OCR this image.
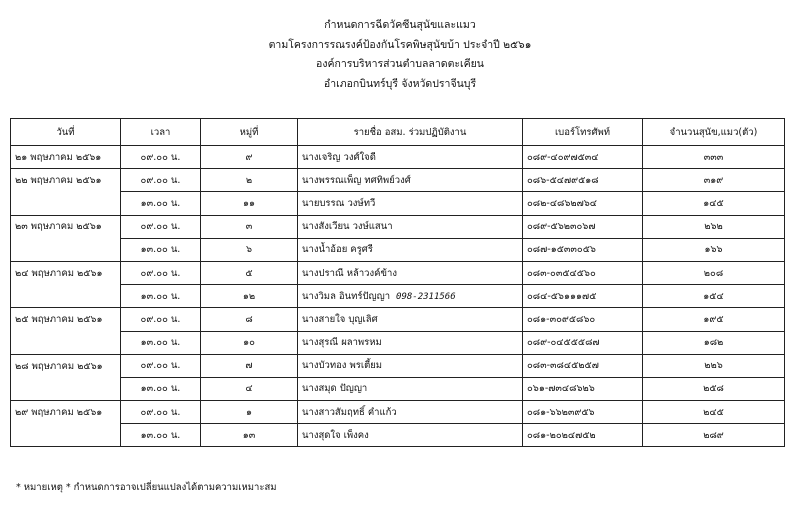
กำหนดการฉีดวัคซีนสุนัขและแมว
ตามโครงการรณรงค์ป้องกันโรคพิษสุนัขบ้า ประจำปี ๒๕๖๑
องค์การบริหารส่วนตำบลลาดตะเคียน
อำเภอกบินทร์บุรี จังหวัดปราจีนบุรี
วันที่	เวลา	หมู่ที่	รายชื่อ อสม. ร่วมปฏิบัติงาน	เบอร์โทรศัพท์	จำนวนสุนัข,แมว(ตัว)
๒๑ พฤษภาคม ๒๕๖๑	๐๙.๐๐ น.	๙	นางเจริญ วงศ์ใจดี	๐๘๙-๔๐๙๗๕๓๔	๓๓๓
๒๒ พฤษภาคม ๒๕๖๑	๐๙.๐๐ น.	๒	นางพรรณเพ็ญ ทศทิพย์วงศ์	๐๘๖-๕๔๗๙๕๑๘	๓๑๙
	๑๓.๐๐ น.	๑๑	นายบรรณ วงษ์ทวี	๐๘๒-๔๘๖๒๗๖๔	๑๔๕
๒๓ พฤษภาคม ๒๕๖๑	๐๙.๐๐ น.	๓	นางสังเวียน วงษ์แสนา	๐๘๙-๕๖๒๓๐๖๗	๒๖๒
	๑๓.๐๐ น.	๖	นางน้ำอ้อย ครูศรี	๐๘๗-๑๕๓๓๐๕๖	๑๖๖
๒๔ พฤษภาคม ๒๕๖๑	๐๙.๐๐ น.	๕	นางปราณี หล้าวงค์ข้าง	๐๘๓-๐๓๕๔๕๖๐	๒๐๘
	๑๓.๐๐ น.	๑๒	นางวิมล อินทร์ปัญญา 098-2311566	๐๘๔-๕๖๑๑๑๗๕	๑๕๔
๒๕ พฤษภาคม ๒๕๖๑	๐๙.๐๐ น.	๘	นางสายใจ บุญเลิศ	๐๘๑-๓๐๙๕๘๖๐	๑๙๕
	๑๓.๐๐ น.	๑๐	นางสุรณี ผลาพรหม	๐๘๙-๐๔๕๕๕๘๗	๑๘๒
๒๘ พฤษภาคม ๒๕๖๑	๐๙.๐๐ น.	๗	นางบัวทอง พรเตี้ยม	๐๘๓-๓๘๔๕๒๕๗	๒๒๖
	๑๓.๐๐ น.	๔	นางสมุด ปัญญา	๐๖๑-๗๓๔๘๖๒๖	๒๕๘
๒๙ พฤษภาคม ๒๕๖๑	๐๙.๐๐ น.	๑	นางสาวสัมฤทธิ์ คำแก้ว	๐๘๑-๖๖๒๓๙๕๖	๒๔๕
	๑๓.๐๐ น.	๑๓	นางสุดใจ เพ็งคง	๐๘๑-๒๐๒๔๗๕๒	๒๘๙
* หมายเหตุ * กำหนดการอาจเปลี่ยนแปลงได้ตามความเหมาะสม
